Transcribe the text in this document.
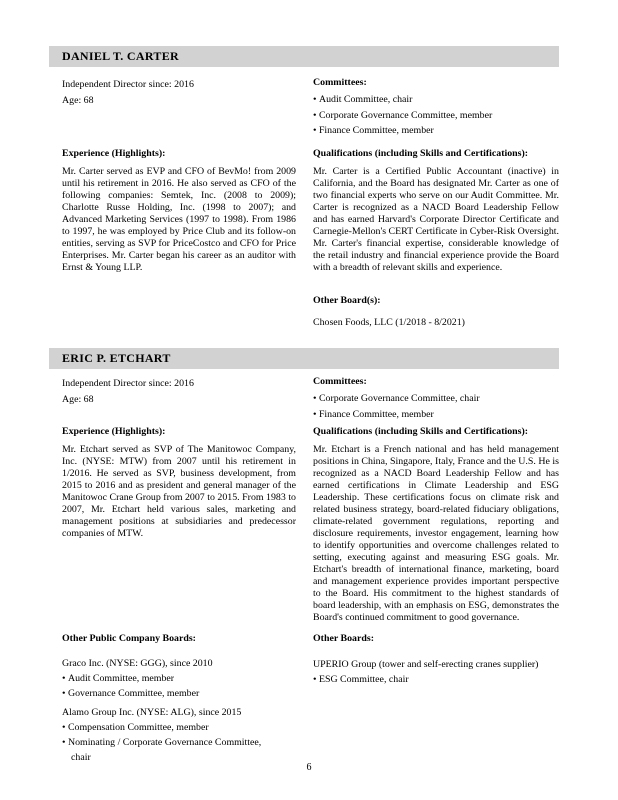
DANIEL T. CARTER
Independent Director since: 2016
Age: 68
Committees:
• Audit Committee, chair
• Corporate Governance Committee, member
• Finance Committee, member
Experience (Highlights):
Mr. Carter served as EVP and CFO of BevMo! from 2009 until his retirement in 2016. He also served as CFO of the following companies: Semtek, Inc. (2008 to 2009); Charlotte Russe Holding, Inc. (1998 to 2007); and Advanced Marketing Services (1997 to 1998). From 1986 to 1997, he was employed by Price Club and its follow-on entities, serving as SVP for PriceCostco and CFO for Price Enterprises. Mr. Carter began his career as an auditor with Ernst & Young LLP.
Qualifications (including Skills and Certifications):
Mr. Carter is a Certified Public Accountant (inactive) in California, and the Board has designated Mr. Carter as one of two financial experts who serve on our Audit Committee. Mr. Carter is recognized as a NACD Board Leadership Fellow and has earned Harvard's Corporate Director Certificate and Carnegie-Mellon's CERT Certificate in Cyber-Risk Oversight. Mr. Carter's financial expertise, considerable knowledge of the retail industry and financial experience provide the Board with a breadth of relevant skills and experience.
Other Board(s):
Chosen Foods, LLC (1/2018 - 8/2021)
ERIC P. ETCHART
Independent Director since: 2016
Age: 68
Committees:
• Corporate Governance Committee, chair
• Finance Committee, member
Experience (Highlights):
Mr. Etchart served as SVP of The Manitowoc Company, Inc. (NYSE: MTW) from 2007 until his retirement in 1/2016. He served as SVP, business development, from 2015 to 2016 and as president and general manager of the Manitowoc Crane Group from 2007 to 2015. From 1983 to 2007, Mr. Etchart held various sales, marketing and management positions at subsidiaries and predecessor companies of MTW.
Qualifications (including Skills and Certifications):
Mr. Etchart is a French national and has held management positions in China, Singapore, Italy, France and the U.S. He is recognized as a NACD Board Leadership Fellow and has earned certifications in Climate Leadership and ESG Leadership. These certifications focus on climate risk and related business strategy, board-related fiduciary obligations, climate-related government regulations, reporting and disclosure requirements, investor engagement, learning how to identify opportunities and overcome challenges related to setting, executing against and measuring ESG goals. Mr. Etchart's breadth of international finance, marketing, board and management experience provides important perspective to the Board. His commitment to the highest standards of board leadership, with an emphasis on ESG, demonstrates the Board's continued commitment to good governance.
Other Public Company Boards:
Graco Inc. (NYSE: GGG), since 2010
• Audit Committee, member
• Governance Committee, member
Alamo Group Inc. (NYSE: ALG), since 2015
• Compensation Committee, member
• Nominating / Corporate Governance Committee, chair
Other Boards:
UPERIO Group (tower and self-erecting cranes supplier)
• ESG Committee, chair
6
